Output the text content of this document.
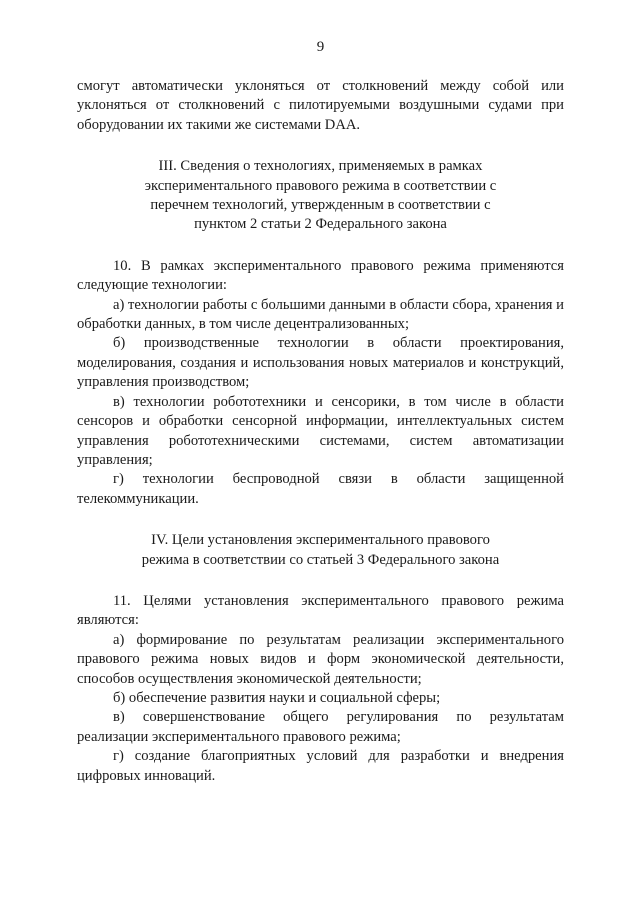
9

смогут автоматически уклоняться от столкновений между собой или уклоняться от столкновений с пилотируемыми воздушными судами при оборудовании их такими же системами DAA.

III. Сведения о технологиях, применяемых в рамках экспериментального правового режима в соответствии с перечнем технологий, утвержденным в соответствии с пунктом 2 статьи 2 Федерального закона

10. В рамках экспериментального правового режима применяются следующие технологии:

а) технологии работы с большими данными в области сбора, хранения и обработки данных, в том числе децентрализованных;

б) производственные технологии в области проектирования, моделирования, создания и использования новых материалов и конструкций, управления производством;

в) технологии робототехники и сенсорики, в том числе в области сенсоров и обработки сенсорной информации, интеллектуальных систем управления робототехническими системами, систем автоматизации управления;

г) технологии беспроводной связи в области защищенной телекоммуникации.

IV. Цели установления экспериментального правового режима в соответствии со статьей 3 Федерального закона

11. Целями установления экспериментального правового режима являются:

а) формирование по результатам реализации экспериментального правового режима новых видов и форм экономической деятельности, способов осуществления экономической деятельности;

б) обеспечение развития науки и социальной сферы;

в) совершенствование общего регулирования по результатам реализации экспериментального правового режима;

г) создание благоприятных условий для разработки и внедрения цифровых инноваций.
